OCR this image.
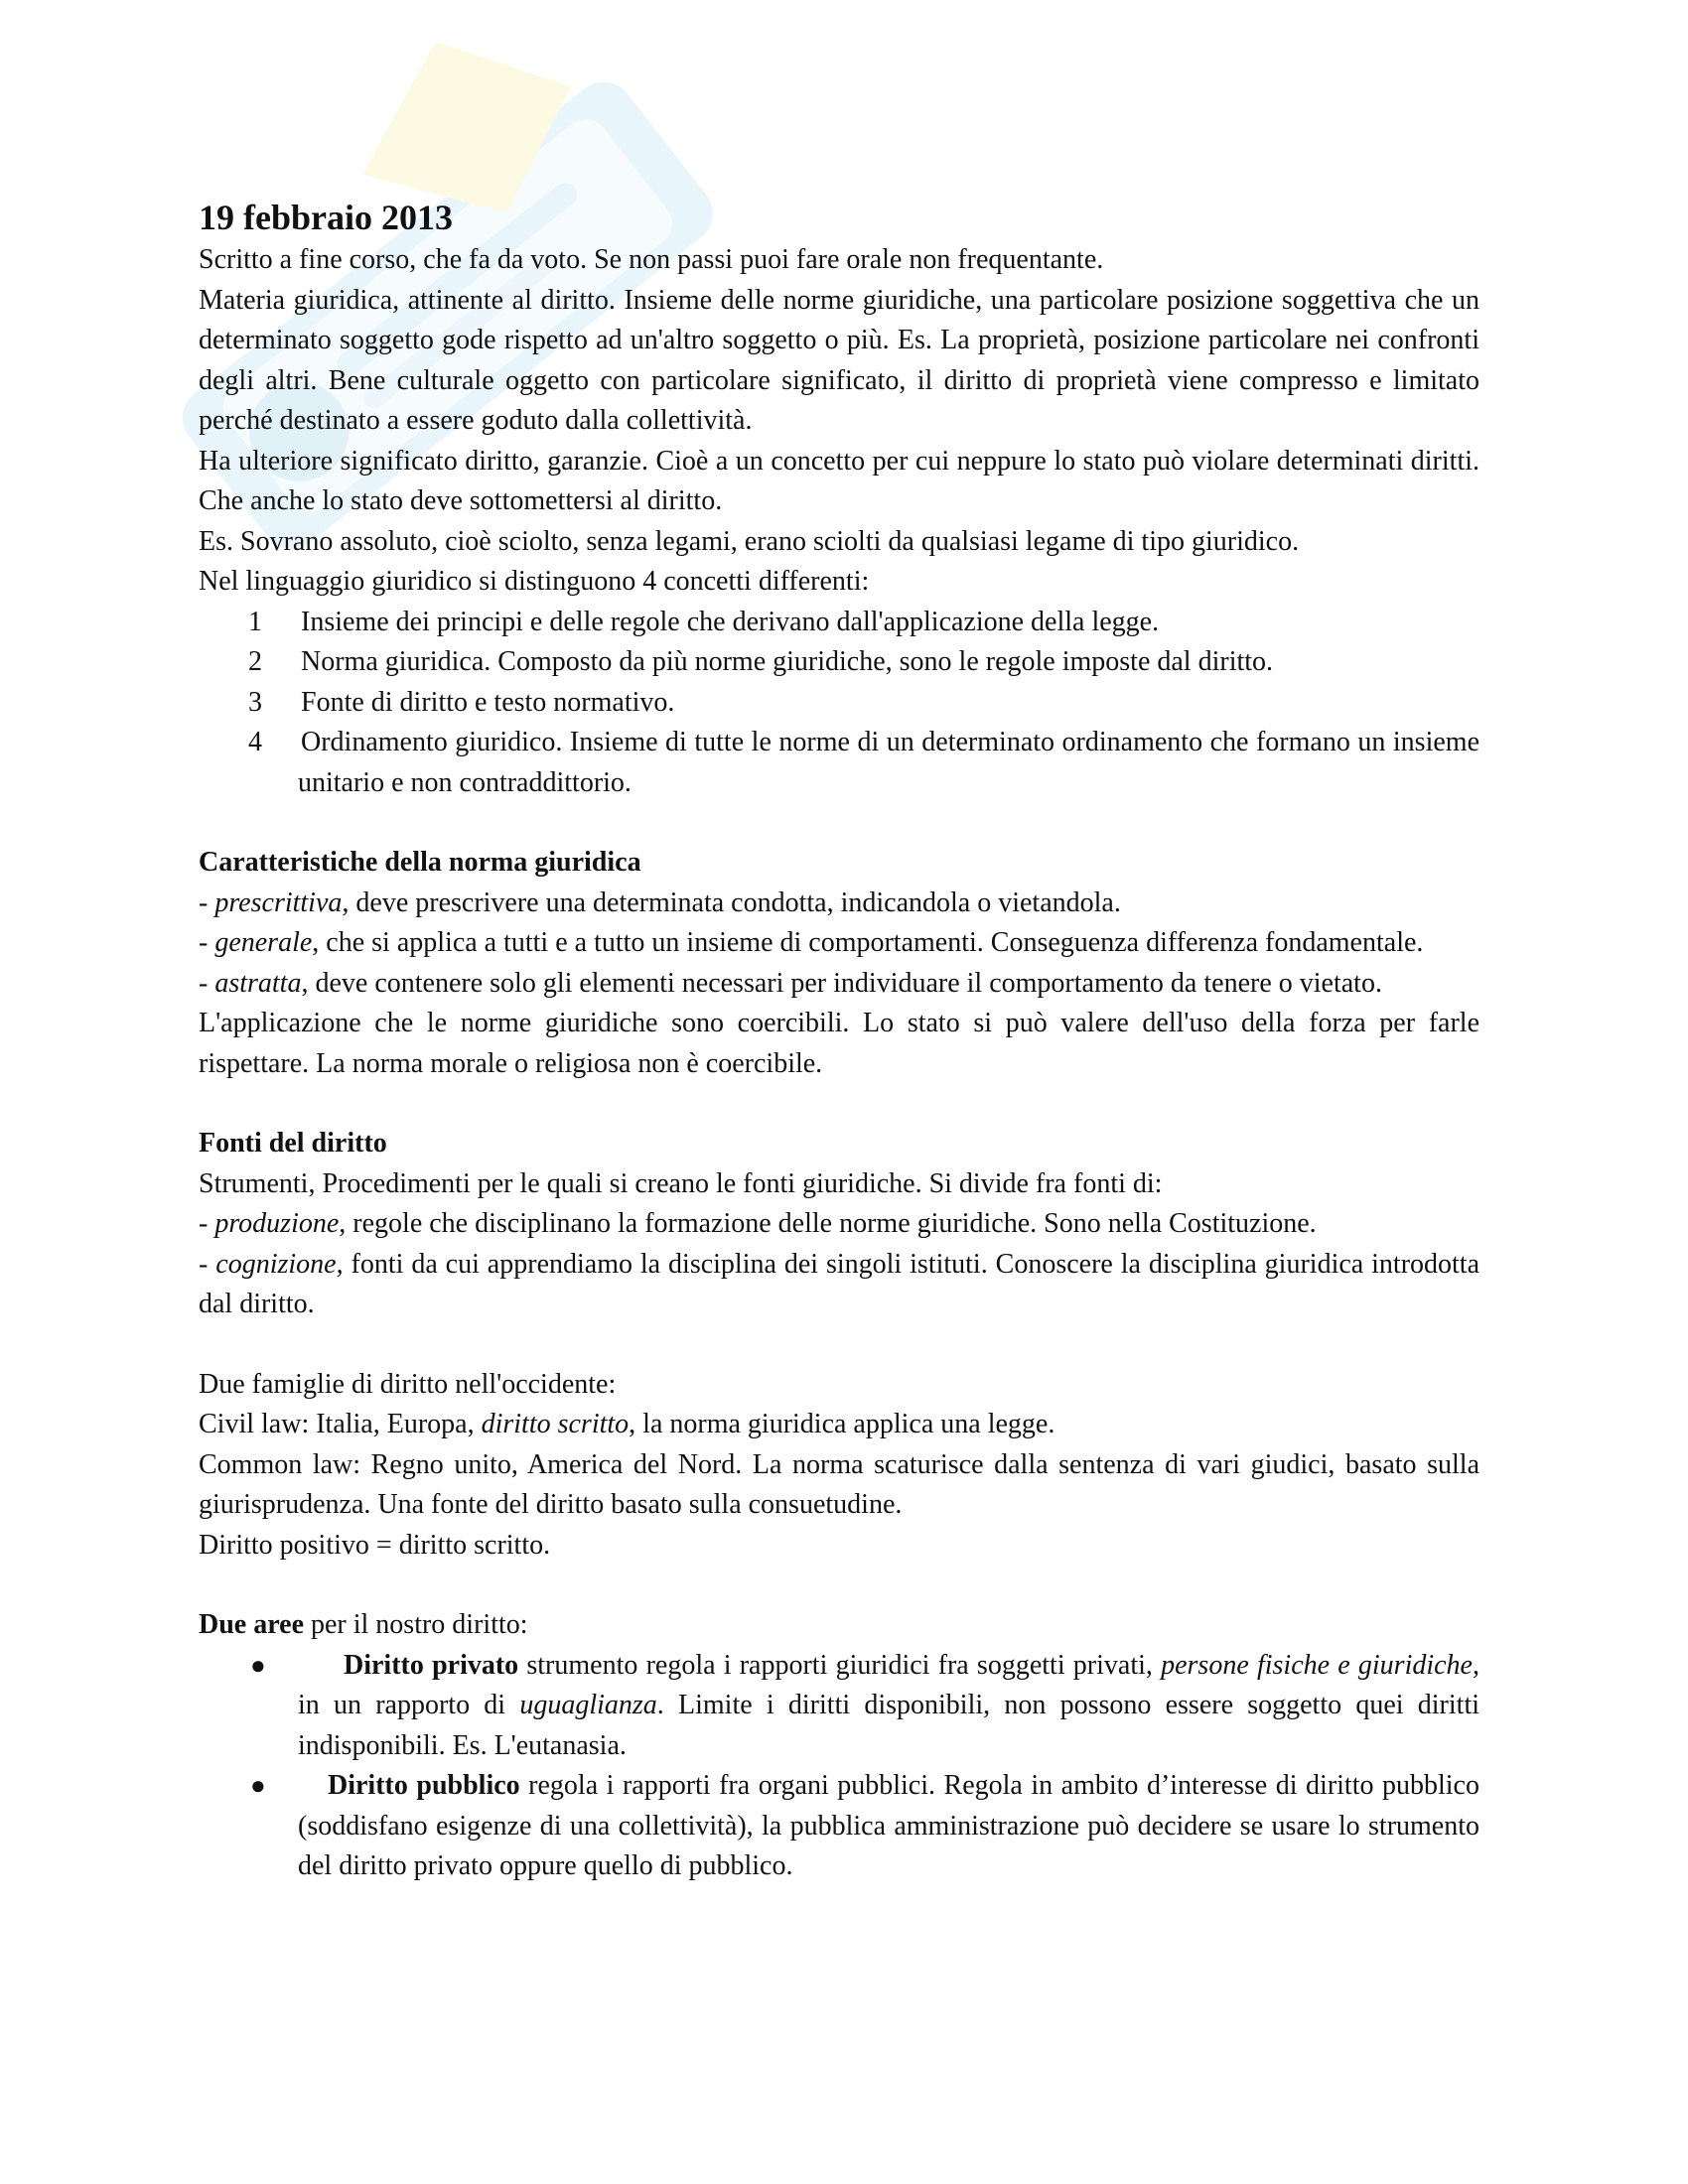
19 febbraio 2013

Scritto a fine corso, che fa da voto. Se non passi puoi fare orale non frequentante.

Materia giuridica, attinente al diritto. Insieme delle norme giuridiche, una particolare posizione soggettiva che un determinato soggetto gode rispetto ad un'altro soggetto o più. Es. La proprietà, posizione particolare nei confronti degli altri. Bene culturale oggetto con particolare significato, il diritto di proprietà viene compresso e limitato perché destinato a essere goduto dalla collettività.

Ha ulteriore significato diritto, garanzie. Cioè a un concetto per cui neppure lo stato può violare determinati diritti. Che anche lo stato deve sottomettersi al diritto.

Es. Sovrano assoluto, cioè sciolto, senza legami, erano sciolti da qualsiasi legame di tipo giuridico.

Nel linguaggio giuridico si distinguono 4 concetti differenti:

1 Insieme dei principi e delle regole che derivano dall'applicazione della legge.
2 Norma giuridica. Composto da più norme giuridiche, sono le regole imposte dal diritto.
3 Fonte di diritto e testo normativo.
4 Ordinamento giuridico. Insieme di tutte le norme di un determinato ordinamento che formano un insieme unitario e non contraddittorio.

Caratteristiche della norma giuridica

- prescrittiva, deve prescrivere una determinata condotta, indicandola o vietandola.

- generale, che si applica a tutti e a tutto un insieme di comportamenti. Conseguenza differenza fondamentale.

- astratta, deve contenere solo gli elementi necessari per individuare il comportamento da tenere o vietato.

L'applicazione che le norme giuridiche sono coercibili. Lo stato si può valere dell'uso della forza per farle rispettare. La norma morale o religiosa non è coercibile.

Fonti del diritto

Strumenti, Procedimenti per le quali si creano le fonti giuridiche. Si divide fra fonti di:

- produzione, regole che disciplinano la formazione delle norme giuridiche. Sono nella Costituzione.

- cognizione, fonti da cui apprendiamo la disciplina dei singoli istituti. Conoscere la disciplina giuridica introdotta dal diritto.

Due famiglie di diritto nell'occidente:

Civil law: Italia, Europa, diritto scritto, la norma giuridica applica una legge.

Common law: Regno unito, America del Nord. La norma scaturisce dalla sentenza di vari giudici, basato sulla giurisprudenza. Una fonte del diritto basato sulla consuetudine.

Diritto positivo = diritto scritto.

Due aree per il nostro diritto:

●	Diritto privato strumento regola i rapporti giuridici fra soggetti privati, persone fisiche e giuridiche, in un rapporto di uguaglianza. Limite i diritti disponibili, non possono essere soggetto quei diritti indisponibili. Es. L'eutanasia.
● Diritto pubblico regola i rapporti fra organi pubblici. Regola in ambito d’interesse di diritto pubblico (soddisfano esigenze di una collettività), la pubblica amministrazione può decidere se usare lo strumento del diritto privato oppure quello di pubblico.
